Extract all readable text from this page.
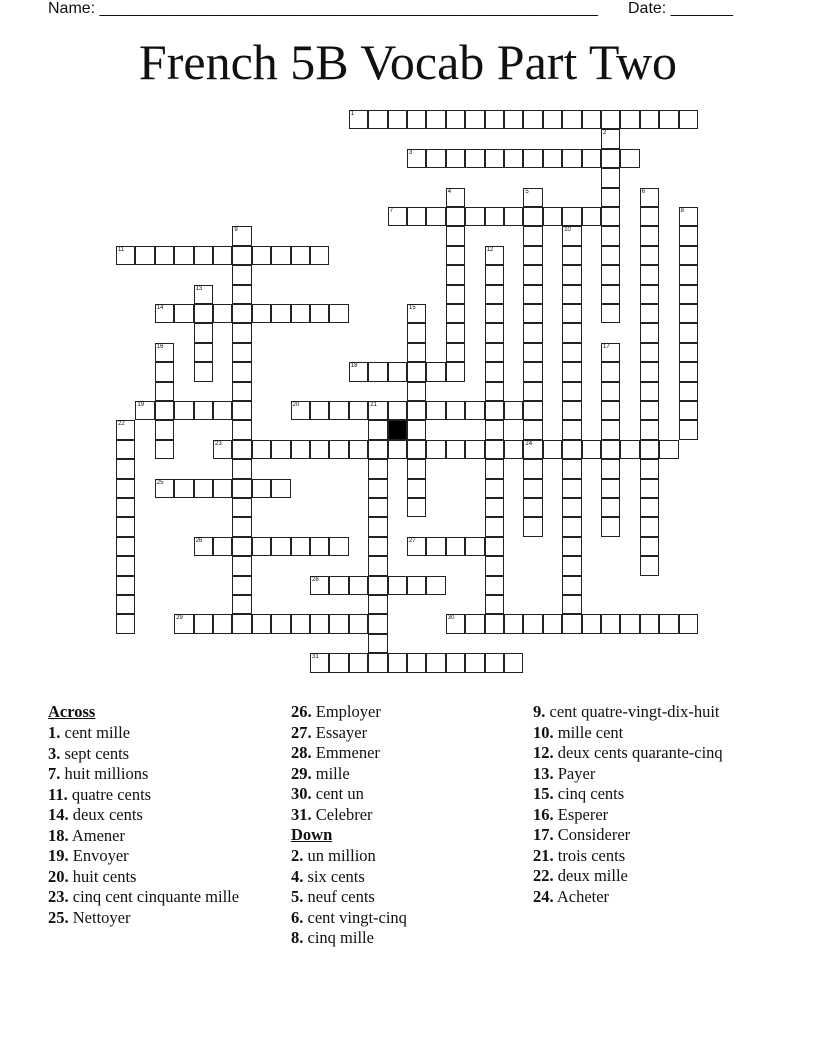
Name: ________________________________________________________ Date: _______
French 5B Vocab Part Two
1
3
7
11
14
18
19	20	21
23	24
25
26	27
28
29	30
31
2
4	5	6
8
9	10
12
13
15
16	17
22
Across
1. cent mille
3. sept cents
7. huit millions
11. quatre cents
14. deux cents
18. Amener
19. Envoyer
20. huit cents
23. cinq cent cinquante mille
25. Nettoyer
26. Employer
27. Essayer
28. Emmener
29. mille
30. cent un
31. Celebrer
Down
2. un million
4. six cents
5. neuf cents
6. cent vingt-cinq
8. cinq mille
9. cent quatre-vingt-dix-huit
10. mille cent
12. deux cents quarante-cinq
13. Payer
15. cinq cents
16. Esperer
17. Considerer
21. trois cents
22. deux mille
24. Acheter
